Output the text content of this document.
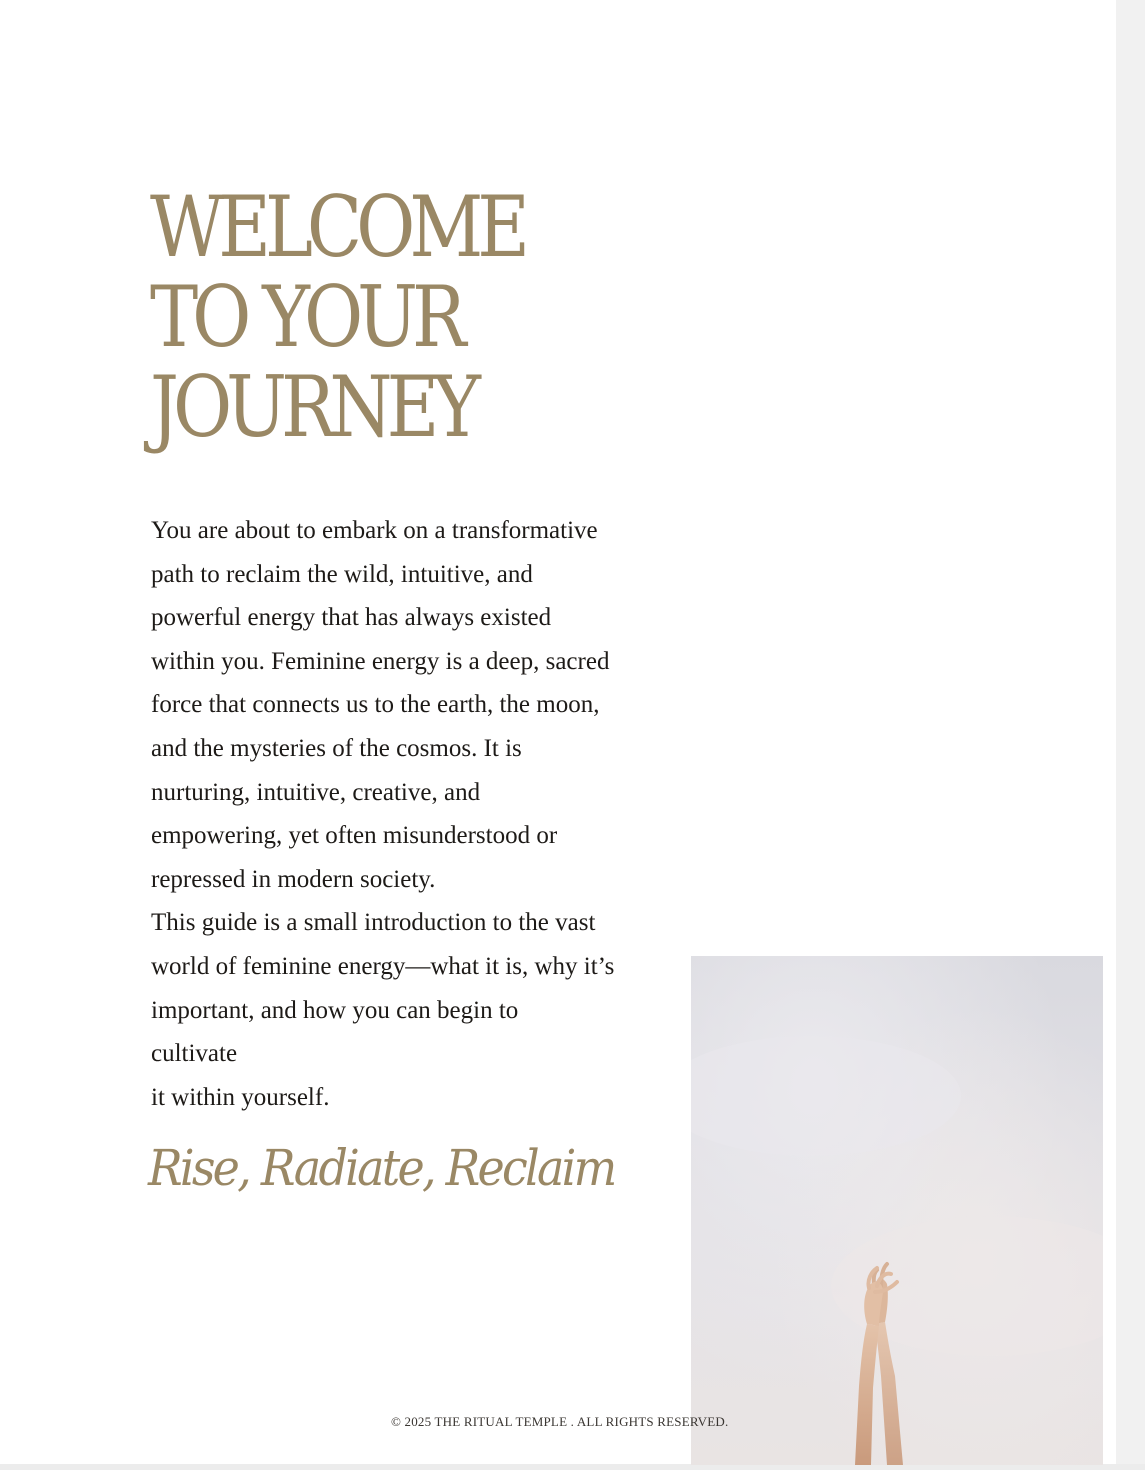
WELCOME
TO YOUR
JOURNEY
You are about to embark on a transformative
path to reclaim the wild, intuitive, and
powerful energy that has always existed
within you. Feminine energy is a deep, sacred
force that connects us to the earth, the moon,
and the mysteries of the cosmos. It is
nurturing, intuitive, creative, and
empowering, yet often misunderstood or
repressed in modern society.
This guide is a small introduction to the vast
world of feminine energy—what it is, why it’s
important, and how you can begin to
cultivate
it within yourself.
Rise, Radiate, Reclaim
© 2025 THE RITUAL TEMPLE . ALL RIGHTS RESERVED.
